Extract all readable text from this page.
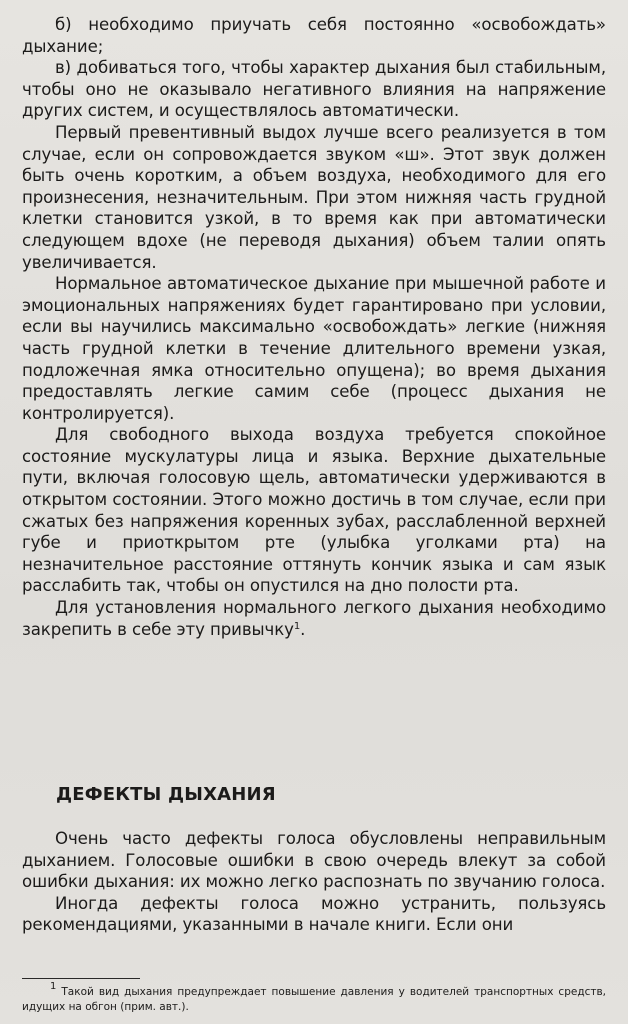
б) необходимо приучать себя постоянно «освобождать» дыхание;

в) добиваться того, чтобы характер дыхания был стабильным, чтобы оно не оказывало негативного влияния на напряжение других систем, и осуществлялось автоматически.

Первый превентивный выдох лучше всего реализуется в том случае, если он сопровождается звуком «ш». Этот звук должен быть очень коротким, а объем воздуха, необходимого для его произнесения, незначительным. При этом нижняя часть грудной клетки становится узкой, в то время как при автоматически следующем вдохе (не переводя дыхания) объем талии опять увеличивается.

Нормальное автоматическое дыхание при мышечной работе и эмоциональных напряжениях будет гарантировано при условии, если вы научились максимально «освобождать» легкие (нижняя часть грудной клетки в течение длительного времени узкая, подложечная ямка относительно опущена); во время дыхания предоставлять легкие самим себе (процесс дыхания не контролируется).

Для свободного выхода воздуха требуется спокойное состояние мускулатуры лица и языка. Верхние дыхательные пути, включая голосовую щель, автоматически удерживаются в открытом состоянии. Этого можно достичь в том случае, если при сжатых без напряжения коренных зубах, расслабленной верхней губе и приоткрытом рте (улыбка уголками рта) на незначительное расстояние оттянуть кончик языка и сам язык расслабить так, чтобы он опустился на дно полости рта.

Для установления нормального легкого дыхания необходимо закрепить в себе эту привычку$^1$.

ДЕФЕКТЫ ДЫХАНИЯ

Очень часто дефекты голоса обусловлены неправильным дыханием. Голосовые ошибки в свою очередь влекут за собой ошибки дыхания: их можно легко распознать по звучанию голоса.

Иногда дефекты голоса можно устранить, пользуясь рекомендациями, указанными в начале книги. Если они

$^1$ Такой вид дыхания предупреждает повышение давления у водителей транспортных средств, идущих на обгон (прим. авт.).
